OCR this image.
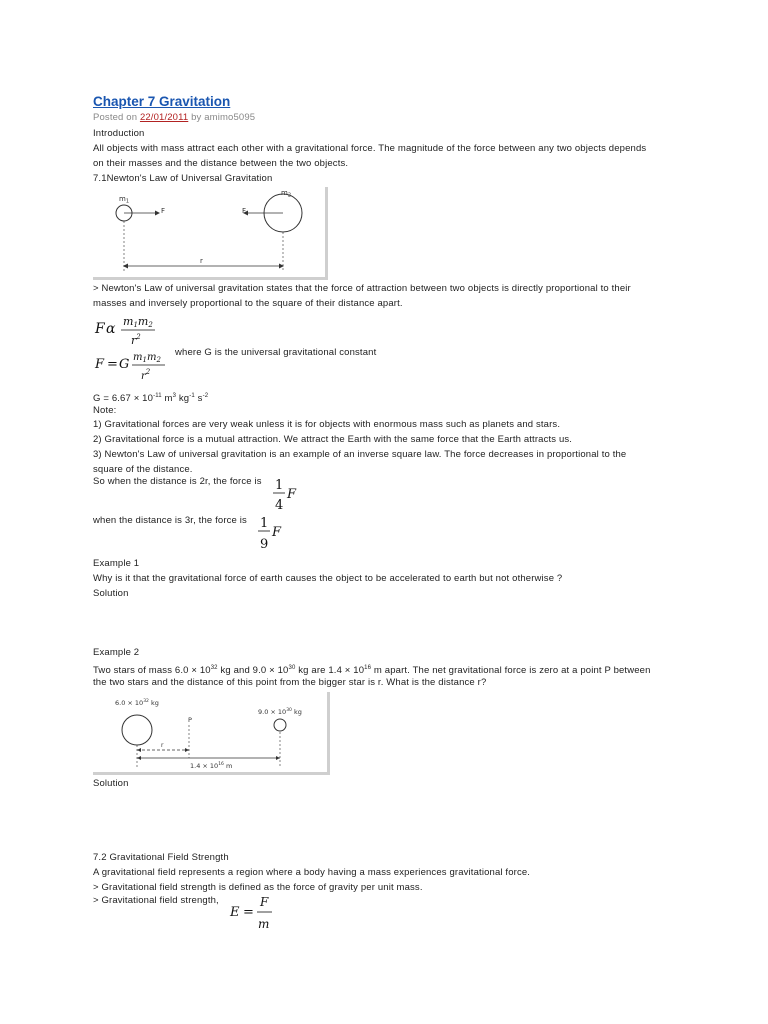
Chapter 7 Gravitation
Posted on 22/01/2011 by amimo5095
Introduction
All objects with mass attract each other with a gravitational force. The magnitude of the force between any two objects depends
on their masses and the distance between the two objects.
7.1Newton's Law of Universal Gravitation
$m_1$
F	F
$m_2$
r
> Newton's Law of universal gravitation states that the force of attraction between two objects is directly proportional to their
masses and inversely proportional to the square of their distance apart.
F α m1m2
$r^2$
F = G $m_1m_2$
$r^2$
where G is the universal gravitational constant
$G = 6.67 \times 10^{-11}$ $m^3$ $kg^{-1}$ $s^{-2}$
Note:
1) Gravitational forces are very weak unless it is for objects with enormous mass such as planets and stars.
2) Gravitational force is a mutual attraction. We attract the Earth with the same force that the Earth attracts us.
3) Newton's Law of universal gravitation is an example of an inverse square law. The force decreases in proportional to the
square of the distance.
So when the distance is 2r, the force is 1
4
F
when the distance is 3r, the force is 1
9
F
Example 1
Why is it that the gravitational force of earth causes the object to be accelerated to earth but not otherwise ?
Solution
Example 2
Two stars of mass $6.0 \times 10^{32}$ kg and $9.0 \times 10^{30}$ kg are $1.4 \times 10^{16}$ m apart. The net gravitational force is zero at a point P between
the two stars and the distance of this point from the bigger star is r. What is the distance r?
$6.0 \times 10^{32}$ kg
P
$9.0 \times 10^{30}$ kg
r
$1.4 \times 10^{16}$ m
Solution
7.2 Gravitational Field Strength
A gravitational field represents a region where a body having a mass experiences gravitational force.
> Gravitational field strength is defined as the force of gravity per unit mass.
> Gravitational field strength,
E =
F
m
